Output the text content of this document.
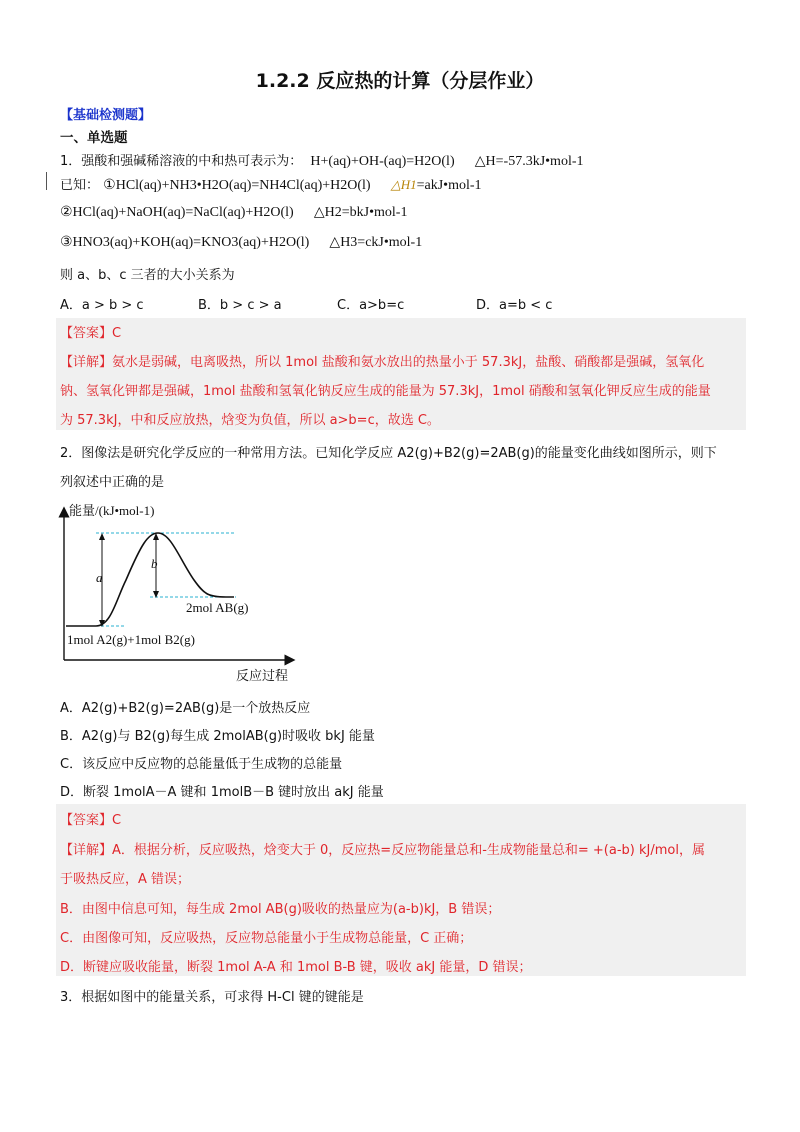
1.2.2 反应热的计算（分层作业）
【基础检测题】
一、单选题
1．强酸和强碱稀溶液的中和热可表示为： H+(aq)+OH-(aq)=H2O(l) △H=-57.3kJ•mol-1
已知： ①HCl(aq)+NH3•H2O(aq)=NH4Cl(aq)+H2O(l) △H1=akJ•mol-1
②HCl(aq)+NaOH(aq)=NaCl(aq)+H2O(l) △H2=bkJ•mol-1
③HNO3(aq)+KOH(aq)=KNO3(aq)+H2O(l) △H3=ckJ•mol-1
则 a、b、c 三者的大小关系为
A．a > b > c	B．b > c > a	C．a>b=c	D．a=b < c
【答案】C
【详解】氨水是弱碱，电离吸热，所以 1mol 盐酸和氨水放出的热量小于 57.3kJ，盐酸、硝酸都是强碱，氢氧化
钠、氢氧化钾都是强碱，1mol 盐酸和氢氧化钠反应生成的能量为 57.3kJ，1mol 硝酸和氢氧化钾反应生成的能量
为 57.3kJ，中和反应放热，焓变为负值，所以 a>b=c，故选 C。
2．图像法是研究化学反应的一种常用方法。已知化学反应 A2(g)+B2(g)=2AB(g)的能量变化曲线如图所示，则下
列叙述中正确的是
能量/(kJ•mol-1)
a
b
2mol AB(g)
1mol A2(g)+1mol B2(g)
反应过程
A．A2(g)+B2(g)=2AB(g)是一个放热反应
B．A2(g)与 B2(g)每生成 2molAB(g)时吸收 bkJ 能量
C．该反应中反应物的总能量低于生成物的总能量
D．断裂 1molA－A 键和 1molB－B 键时放出 akJ 能量
【答案】C
【详解】A．根据分析，反应吸热，焓变大于 0，反应热=反应物能量总和-生成物能量总和= +(a-b) kJ/mol，属
于吸热反应，A 错误；
B．由图中信息可知，每生成 2mol AB(g)吸收的热量应为(a-b)kJ，B 错误；
C．由图像可知，反应吸热，反应物总能量小于生成物总能量，C 正确；
D．断键应吸收能量，断裂 1mol A-A 和 1mol B-B 键，吸收 akJ 能量，D 错误；
3．根据如图中的能量关系，可求得 H-Cl 键的键能是
